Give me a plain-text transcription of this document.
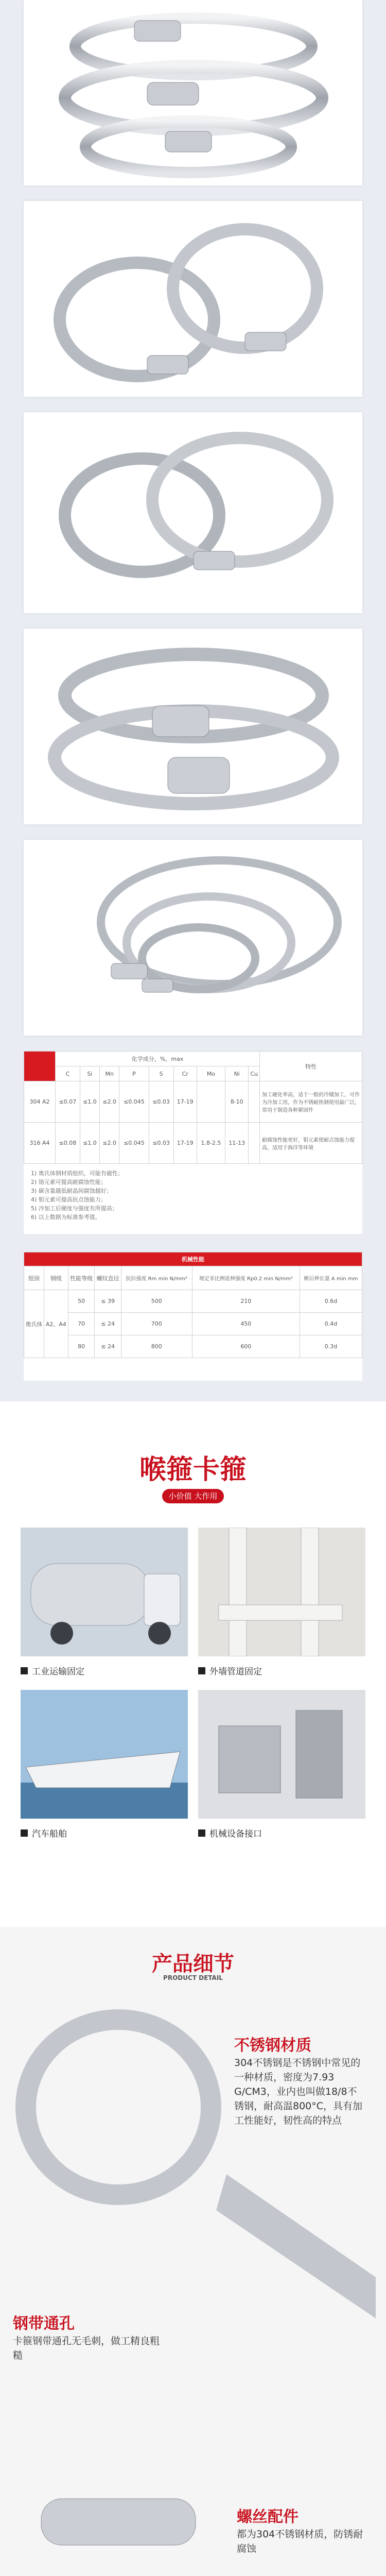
	化学成分，%，max									特性
	C	Si	Mn	P	S	Cr	Mo	Ni	Cu	
304 A2	≤0.07	≤1.0	≤2.0	≤0.045	≤0.03	17-19		8-10		加工硬化率高，适于一般的冷镦加工，可作为冷加工用，作为不锈耐热钢使用最广泛，常用于制造各种紧固件
316 A4	≤0.08	≤1.0	≤2.0	≤0.045	≤0.03	17-19	1.8-2.5	11-13		耐腐蚀性能更好，钼元素使耐点蚀能力提高，适用于海洋等环境

1) 奥氏体钢材质组织，可能有磁性；

2) 铬元素可提高耐腐蚀性能；

3) 碳含量越低耐晶间腐蚀越好；

4) 钼元素可提高抗点蚀能力；

5) 冷加工后硬度与强度有所提高；

6) 以上数据为标准参考值。

机械性能						
组别	钢级	性能等级	螺纹直径	抗拉强度 Rm min N/mm²	规定非比例延伸强度 Rp0.2 min N/mm²	断后伸长量 A min mm
奥氏体	A2、A4	50	≤ 39	500	210	0.6d
		70	≤ 24	700	450	0.4d
		80	≤ 24	800	600	0.3d
喉箍卡箍
小价值 大作用
工业运输固定	外墙管道固定
汽车船舶	机械设备接口
产品细节
PRODUCT DETAIL
不锈钢材质
304不锈钢是不锈钢中常见的一种材质，密度为7.93 G/CM3，业内也叫做18/8不锈钢，耐高温800°C，具有加工性能好，韧性高的特点
钢带通孔
卡箍钢带通孔无毛刺，做工精良粗糙
螺丝配件
都为304不锈钢材质，防锈耐腐蚀
